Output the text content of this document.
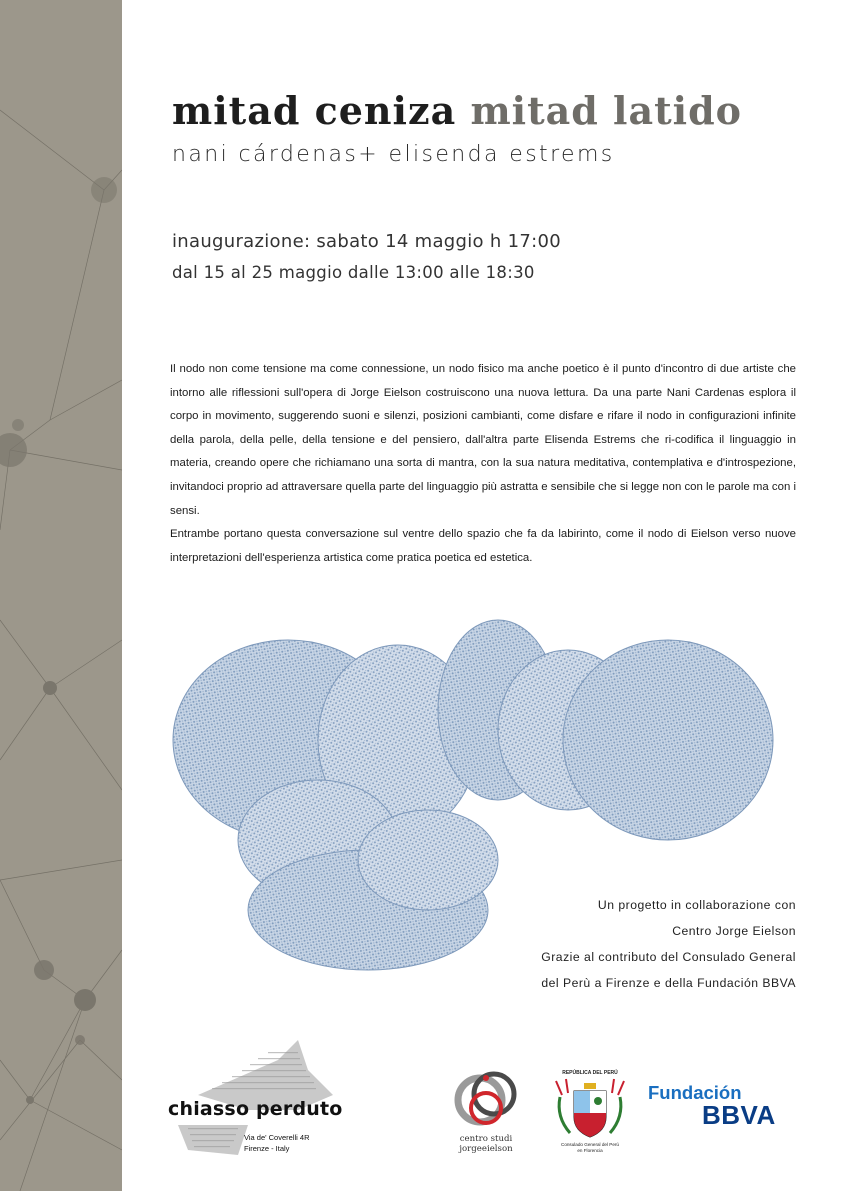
mitad ceniza mitad latido
nani cárdenas+ elisenda estrems
inaugurazione: sabato 14 maggio h 17:00
dal 15 al 25 maggio dalle 13:00 alle 18:30

Il nodo non come tensione ma come connessione, un nodo fisico ma anche poetico è il punto d'incontro di due artiste che intorno alle riflessioni sull'opera di Jorge Eielson costruiscono una nuova lettura. Da una parte Nani Cardenas esplora il corpo in movimento, suggerendo suoni e silenzi, posizioni cambianti, come disfare e rifare il nodo in configurazioni infinite della parola, della pelle, della tensione e del pensiero, dall'altra parte Elisenda Estrems che ri-codifica il linguaggio in materia, creando opere che richiamano una sorta di mantra, con la sua natura meditativa, contemplativa e d'introspezione, invitandoci proprio ad attraversare quella parte del linguaggio più astratta e sensibile che si legge non con le parole ma con i sensi.

Entrambe portano questa conversazione sul ventre dello spazio che fa da labirinto, come il nodo di Eielson verso nuove interpretazioni dell'esperienza artistica come pratica poetica ed estetica.

Un progetto in collaborazione con
Centro Jorge Eielson
Grazie al contributo del Consulado General
del Perù a Firenze e della Fundación BBVA
chiasso perduto
Via de' Coverelli 4R
Firenze - Italy
centro studi
jorgeeielson
REPÚBLICA DEL PERÚ
Consulado General del Perú
en Florencia
Fundación
BBVA
